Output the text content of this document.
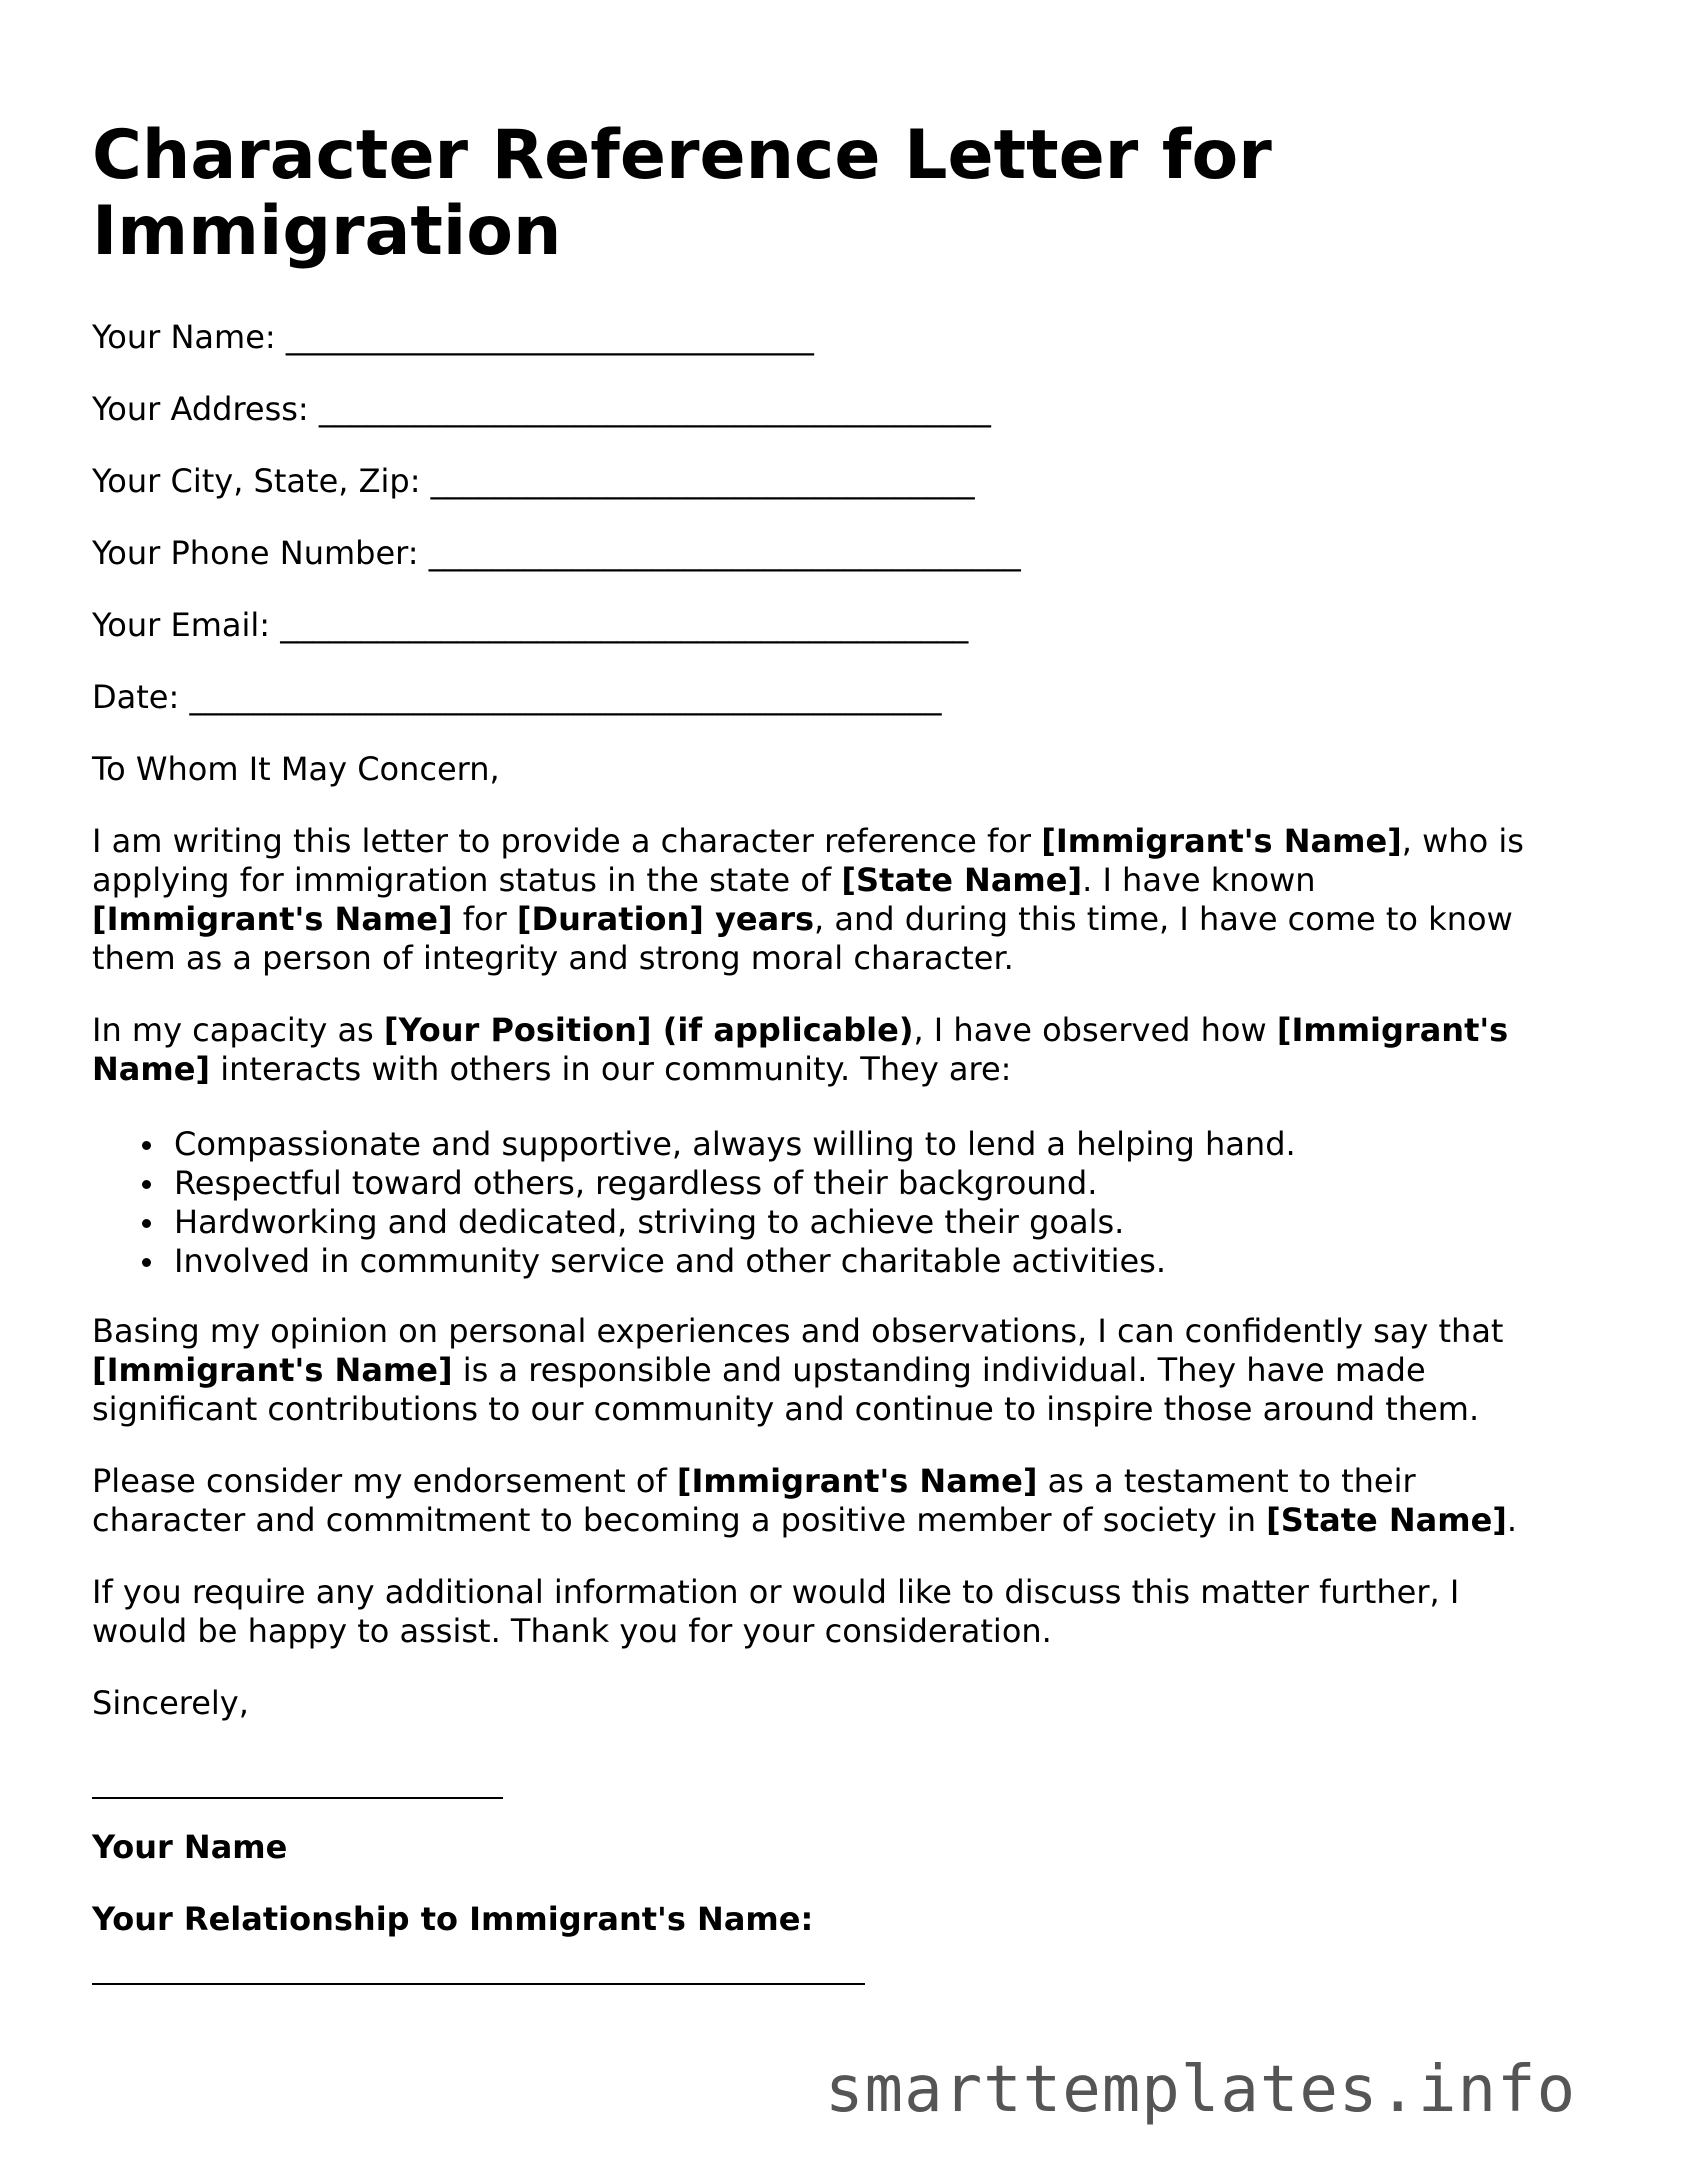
Character Reference Letter for Immigration
Your Name: _________________________________
Your Address: __________________________________________
Your City, State, Zip: __________________________________
Your Phone Number: _____________________________________
Your Email: ___________________________________________
Date: _______________________________________________
To Whom It May Concern,
I am writing this letter to provide a character reference for [Immigrant's Name], who is
applying for immigration status in the state of [State Name]. I have known
[Immigrant's Name] for [Duration] years, and during this time, I have come to know
them as a person of integrity and strong moral character.
In my capacity as [Your Position] (if applicable), I have observed how [Immigrant's
Name] interacts with others in our community. They are:
Compassionate and supportive, always willing to lend a helping hand.
Respectful toward others, regardless of their background.
Hardworking and dedicated, striving to achieve their goals.
Involved in community service and other charitable activities.
Basing my opinion on personal experiences and observations, I can confidently say that
[Immigrant's Name] is a responsible and upstanding individual. They have made
significant contributions to our community and continue to inspire those around them.
Please consider my endorsement of [Immigrant's Name] as a testament to their
character and commitment to becoming a positive member of society in [State Name].
If you require any additional information or would like to discuss this matter further, I
would be happy to assist. Thank you for your consideration.
Sincerely,
Your Name
Your Relationship to Immigrant's Name:
smarttemplates.info
